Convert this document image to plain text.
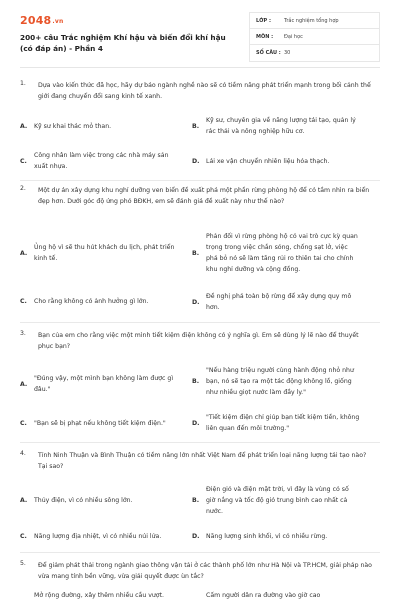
2048.vn
200+ câu Trắc nghiệm Khí hậu và biến đổi khí hậu (có đáp án) - Phần 4
LỚP :	Trắc nghiệm tổng hợp
MÔN :	Đại học
SỐ CÂU : 30
1.	Dựa vào kiến thức đã học, hãy dự báo ngành nghề nào sẽ có tiềm năng phát triển mạnh trong bối cảnh thế giới đang chuyển đổi sang kinh tế xanh.
A.	Kỹ sư khai thác mỏ than.	B.
Kỹ sư, chuyên gia về năng lượng tái tạo, quản lý rác thải và nông nghiệp hữu cơ.
C.
Công nhân làm việc trong các nhà máy sản xuất nhựa.
D.	Lái xe vận chuyển nhiên liệu hóa thạch.
2.	Một dự án xây dựng khu nghỉ dưỡng ven biển đề xuất phá một phần rừng phòng hộ để có tầm nhìn ra biển đẹp hơn. Dưới góc độ ứng phó BĐKH, em sẽ đánh giá đề xuất này như thế nào?
A.
Ủng hộ vì sẽ thu hút khách du lịch, phát triển kinh tế.
B.
Phản đối vì rừng phòng hộ có vai trò cực kỳ quan trọng trong việc chắn sóng, chống sạt lở, việc phá bỏ nó sẽ làm tăng rủi ro thiên tai cho chính khu nghỉ dưỡng và cộng đồng.
C.	Cho rằng không có ảnh hưởng gì lớn.	D.
Đề nghị phá toàn bộ rừng để xây dựng quy mô hơn.
3.	Bạn của em cho rằng việc một mình tiết kiệm điện không có ý nghĩa gì. Em sẽ dùng lý lẽ nào để thuyết phục bạn?
A.
"Đúng vậy, một mình bạn không làm được gì đâu."
B.
"Nếu hàng triệu người cùng hành động nhỏ như bạn, nó sẽ tạo ra một tác động không lồ, giống như nhiều giọt nước làm đầy ly."
C.	"Bạn sẽ bị phạt nếu không tiết kiệm điện."	D.
"Tiết kiệm điện chỉ giúp bạn tiết kiệm tiền, không liên quan đến môi trường."
4.	Tỉnh Ninh Thuận và Bình Thuận có tiềm năng lớn nhất Việt Nam để phát triển loại năng lượng tái tạo nào? Tại sao?
A.	Thủy điện, vì có nhiều sông lớn.	B.
Điện gió và điện mặt trời, vì đây là vùng có số giờ nắng và tốc độ gió trung bình cao nhất cả nước.
C.	Năng lượng địa nhiệt, vì có nhiều núi lửa.	D.	Năng lượng sinh khối, vì có nhiều rừng.
5.	Để giảm phát thải trong ngành giao thông vận tải ở các thành phố lớn như Hà Nội và TP.HCM, giải pháp nào vừa mang tính bền vững, vừa giải quyết được ùn tắc?
Mở rộng đường, xây thêm nhiều cầu vượt.	Cấm người dân ra đường vào giờ cao
